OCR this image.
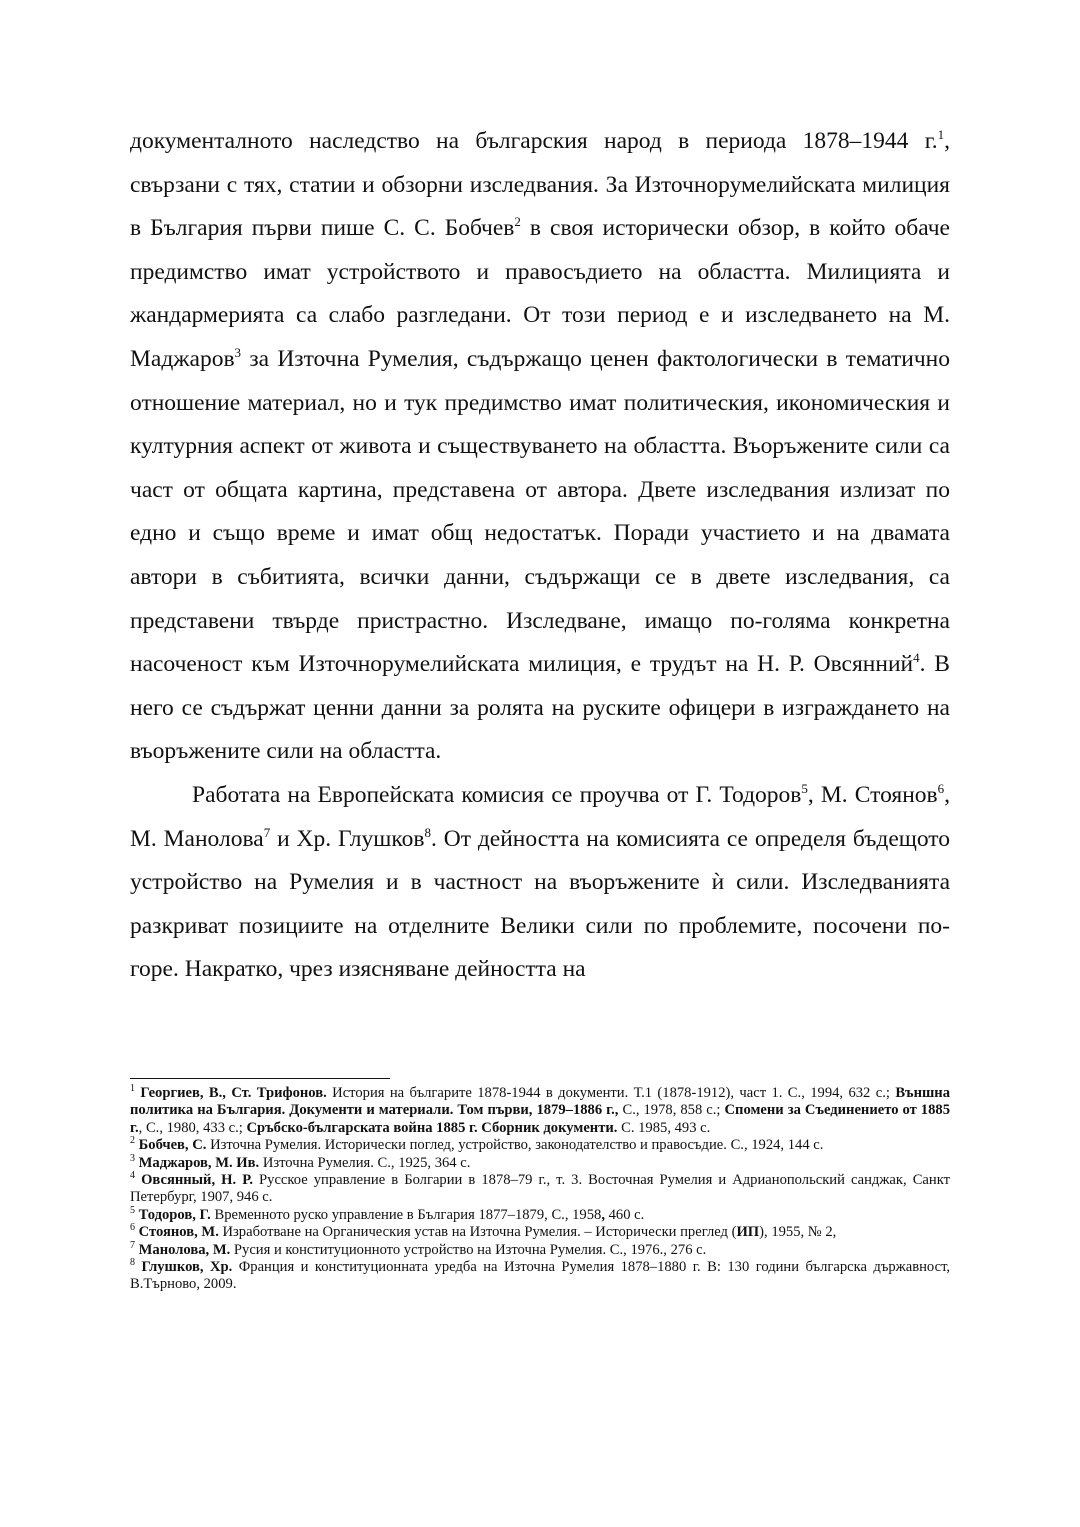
документалното наследство на българския народ в периода 1878–1944 г.$^1$, свързани с тях, статии и обзорни изследвания. За Източнорумелийската милиция в България първи пише С. С. Бобчев$^2$ в своя исторически обзор, в който обаче предимство имат устройството и правосъдието на областта. Милицията и жандармерията са слабо разгледани. От този период е и изследването на М. Маджаров$^3$ за Източна Румелия, съдържащо ценен фактологически в тематично отношение материал, но и тук предимство имат политическия, икономическия и културния аспект от живота и съществуването на областта. Въоръжените сили са част от общата картина, представена от автора. Двете изследвания излизат по едно и също време и имат общ недостатък. Поради участието и на двамата автори в събитията, всички данни, съдържащи се в двете изследвания, са представени твърде пристрастно. Изследване, имащо по-голяма конкретна насоченост към Източнорумелийската милиция, е трудът на Н. Р. Овсянний$^4$. В него се съдържат ценни данни за ролята на руските офицери в изграждането на въоръжените сили на областта.

Работата на Европейската комисия се проучва от Г. Тодоров$^5$, М. Стоянов$^6$, М. Манолова$^7$ и Хр. Глушков$^8$. От дейността на комисията се определя бъдещото устройство на Румелия и в частност на въоръжените ѝ сили. Изследванията разкриват позициите на отделните Велики сили по проблемите, посочени по-горе. Накратко, чрез изясняване дейността на

$^1$ Георгиев, В., Ст. Трифонов. История на българите 1878-1944 в документи. Т.1 (1878-1912), част 1. С., 1994, 632 с.; Външна политика на България. Документи и материали. Том първи, 1879–1886 г., С., 1978, 858 с.; Спомени за Съединението от 1885 г., С., 1980, 433 с.; Сръбско-българската война 1885 г. Сборник документи. С. 1985, 493 с.

$^2$ Бобчев, С. Източна Румелия. Исторически поглед, устройство, законодателство и правосъдие. С., 1924, 144 с.

$^3$ Маджаров, М. Ив. Източна Румелия. С., 1925, 364 с.

$^4$ Овсянный, Н. Р. Русское управление в Болгарии в 1878–79 г., т. 3. Восточная Румелия и Адрианопольский санджак, Санкт Петербург, 1907, 946 с.

$^5$ Тодоров, Г. Временното руско управление в България 1877–1879, С., 1958, 460 с.

$^6$ Стоянов, М. Изработване на Органическия устав на Източна Румелия. – Исторически преглед (ИП), 1955, № 2,

$^7$ Манолова, М. Русия и конституционното устройство на Източна Румелия. С., 1976., 276 с.

$^8$ Глушков, Хр. Франция и конституционната уредба на Източна Румелия 1878–1880 г. В: 130 години българска държавност, В.Търново, 2009.
